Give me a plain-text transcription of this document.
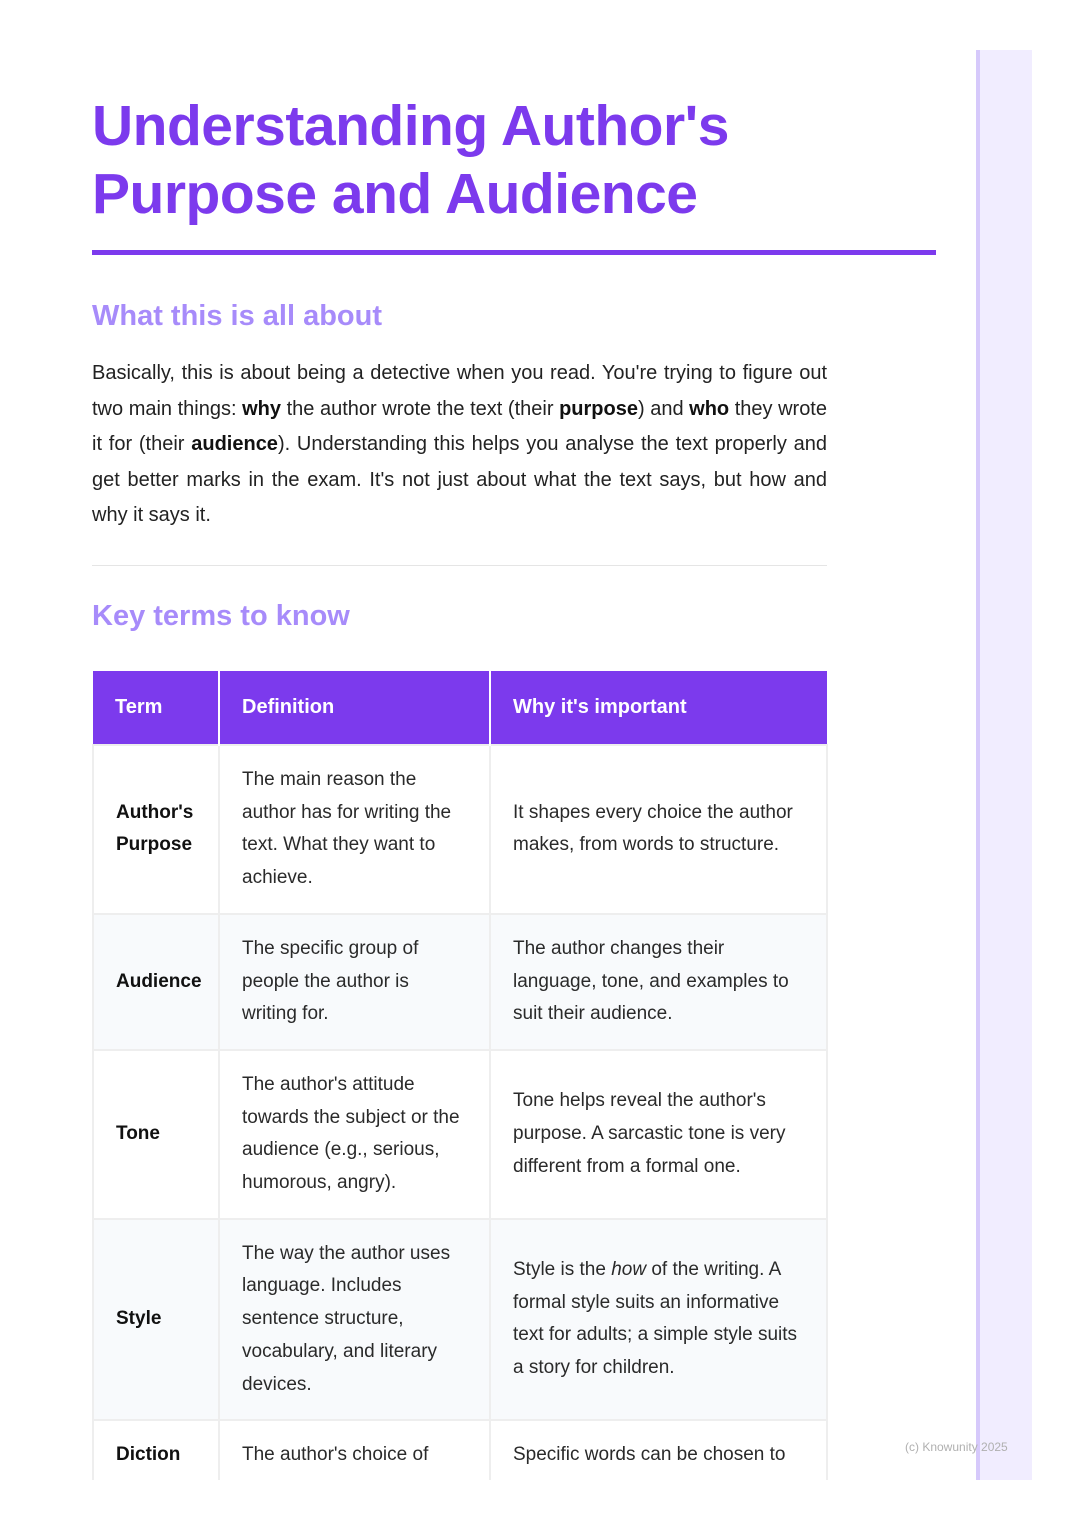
Understanding Author's Purpose and Audience
What this is all about

Basically, this is about being a detective when you read. You're trying to figure out two main things: why the author wrote the text (their purpose) and who they wrote it for (their audience). Understanding this helps you analyse the text properly and get better marks in the exam. It's not just about what the text says, but how and why it says it.

Key terms to know
Term	Definition	Why it's important
Author's Purpose	The main reason the author has for writing the text. What they want to achieve.	It shapes every choice the author makes, from words to structure.
Audience	The specific group of people the author is writing for.	The author changes their language, tone, and examples to suit their audience.
Tone	The author's attitude towards the subject or the audience (e.g., serious, humorous, angry).	Tone helps reveal the author's purpose. A sarcastic tone is very different from a formal one.
Style	The way the author uses language. Includes sentence structure, vocabulary, and literary devices.	Style is the how of the writing. A formal style suits an informative text for adults; a simple style suits a story for children.
Diction	The author's choice of	Specific words can be chosen to	(c) Knowunity 2025
